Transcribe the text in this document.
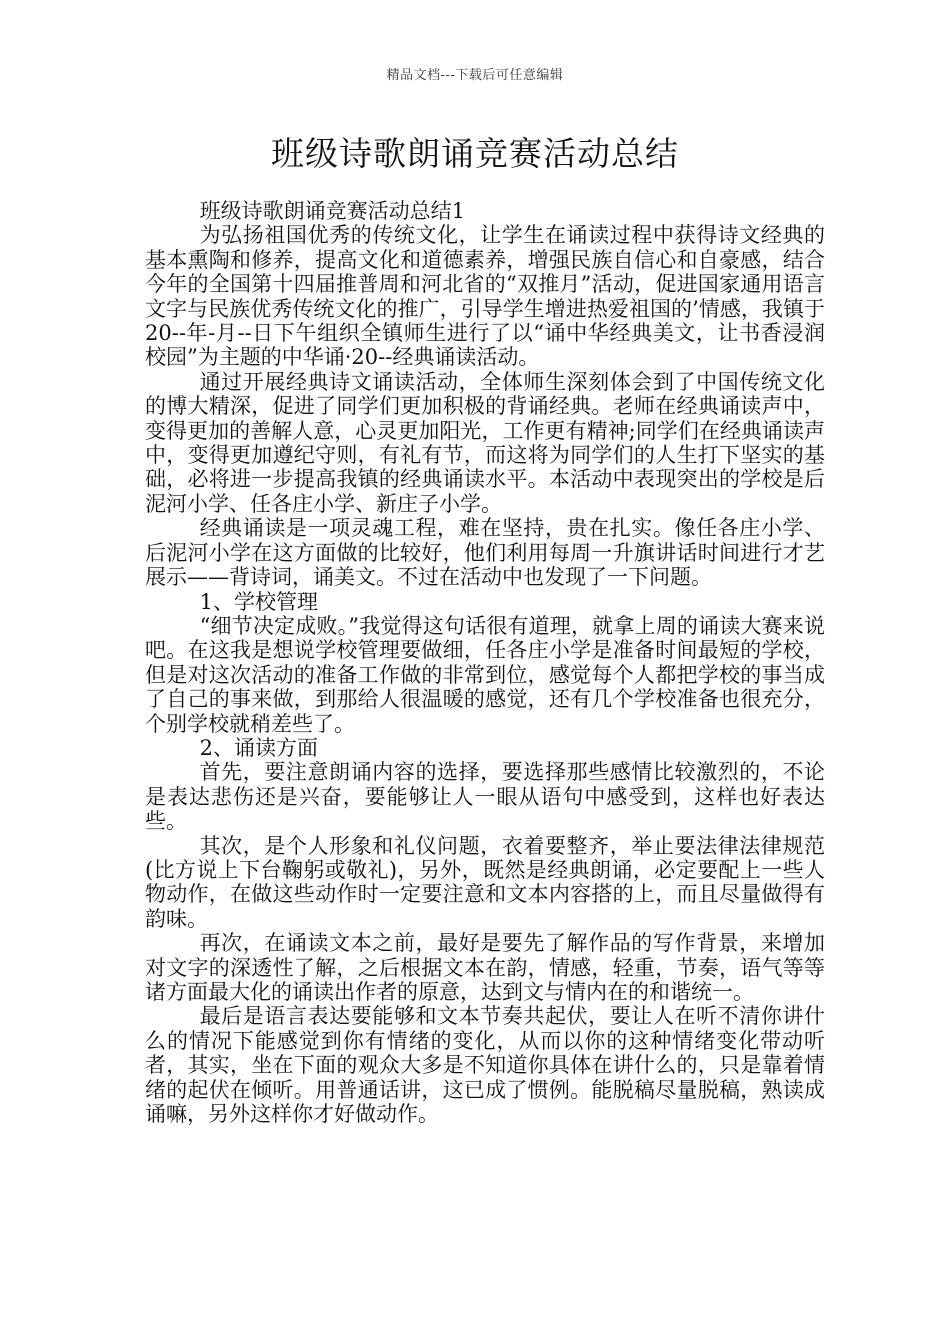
精品文档---下载后可任意编辑
班级诗歌朗诵竞赛活动总结

班级诗歌朗诵竞赛活动总结1

为弘扬祖国优秀的传统文化，让学生在诵读过程中获得诗文经典的基本熏陶和修养，提高文化和道德素养，增强民族自信心和自豪感，结合今年的全国第十四届推普周和河北省的“双推月”活动，促进国家通用语言文字与民族优秀传统文化的推广，引导学生增进热爱祖国的’情感，我镇于20--年-月--日下午组织全镇师生进行了以“诵中华经典美文，让书香浸润校园”为主题的中华诵·20--经典诵读活动。

通过开展经典诗文诵读活动，全体师生深刻体会到了中国传统文化的博大精深，促进了同学们更加积极的背诵经典。老师在经典诵读声中，变得更加的善解人意，心灵更加阳光，工作更有精神;同学们在经典诵读声中，变得更加遵纪守则，有礼有节，而这将为同学们的人生打下坚实的基础，必将进一步提高我镇的经典诵读水平。本活动中表现突出的学校是后泥河小学、任各庄小学、新庄子小学。

经典诵读是一项灵魂工程，难在坚持，贵在扎实。像任各庄小学、后泥河小学在这方面做的比较好，他们利用每周一升旗讲话时间进行才艺展示——背诗词，诵美文。不过在活动中也发现了一下问题。

1、学校管理

“细节决定成败。”我觉得这句话很有道理，就拿上周的诵读大赛来说吧。在这我是想说学校管理要做细，任各庄小学是准备时间最短的学校，但是对这次活动的准备工作做的非常到位，感觉每个人都把学校的事当成了自己的事来做，到那给人很温暖的感觉，还有几个学校准备也很充分，个别学校就稍差些了。

2、诵读方面

首先，要注意朗诵内容的选择，要选择那些感情比较激烈的，不论是表达悲伤还是兴奋，要能够让人一眼从语句中感受到，这样也好表达些。

其次，是个人形象和礼仪问题，衣着要整齐，举止要法律法律规范(比方说上下台鞠躬或敬礼)，另外，既然是经典朗诵，必定要配上一些人物动作，在做这些动作时一定要注意和文本内容搭的上，而且尽量做得有韵味。

再次，在诵读文本之前，最好是要先了解作品的写作背景，来增加对文字的深透性了解，之后根据文本在韵，情感，轻重，节奏，语气等等诸方面最大化的诵读出作者的原意，达到文与情内在的和谐统一。

最后是语言表达要能够和文本节奏共起伏，要让人在听不清你讲什么的情况下能感觉到你有情绪的变化，从而以你的这种情绪变化带动听者，其实，坐在下面的观众大多是不知道你具体在讲什么的，只是靠着情绪的起伏在倾听。用普通话讲，这已成了惯例。能脱稿尽量脱稿，熟读成诵嘛，另外这样你才好做动作。
